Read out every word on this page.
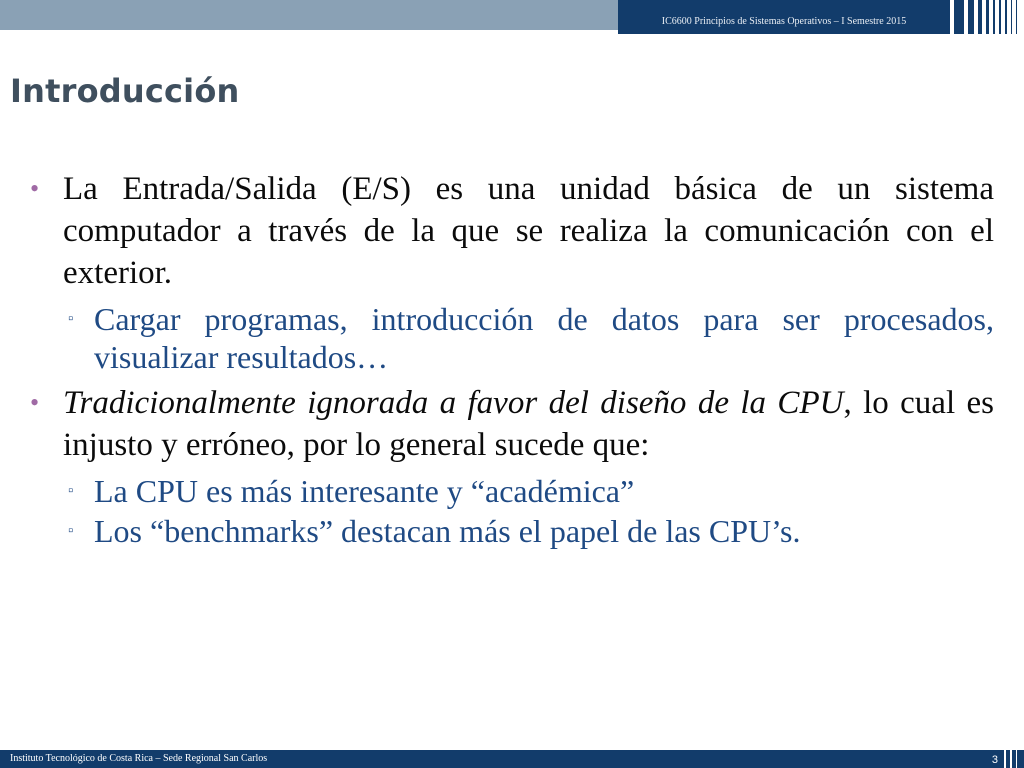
IC6600 Principios de Sistemas Operativos – I Semestre 2015
Introducción
• La Entrada/Salida (E/S) es una unidad básica de un sistema computador a través de la que se realiza la comunicación con el exterior.
▫ Cargar programas, introducción de datos para ser procesados, visualizar resultados…
• Tradicionalmente ignorada a favor del diseño de la CPU, lo cual es injusto y erróneo, por lo general sucede que:
▫ La CPU es más interesante y “académica”
▫ Los “benchmarks” destacan más el papel de las CPU’s.
Instituto Tecnológico de Costa Rica – Sede Regional San Carlos	3
